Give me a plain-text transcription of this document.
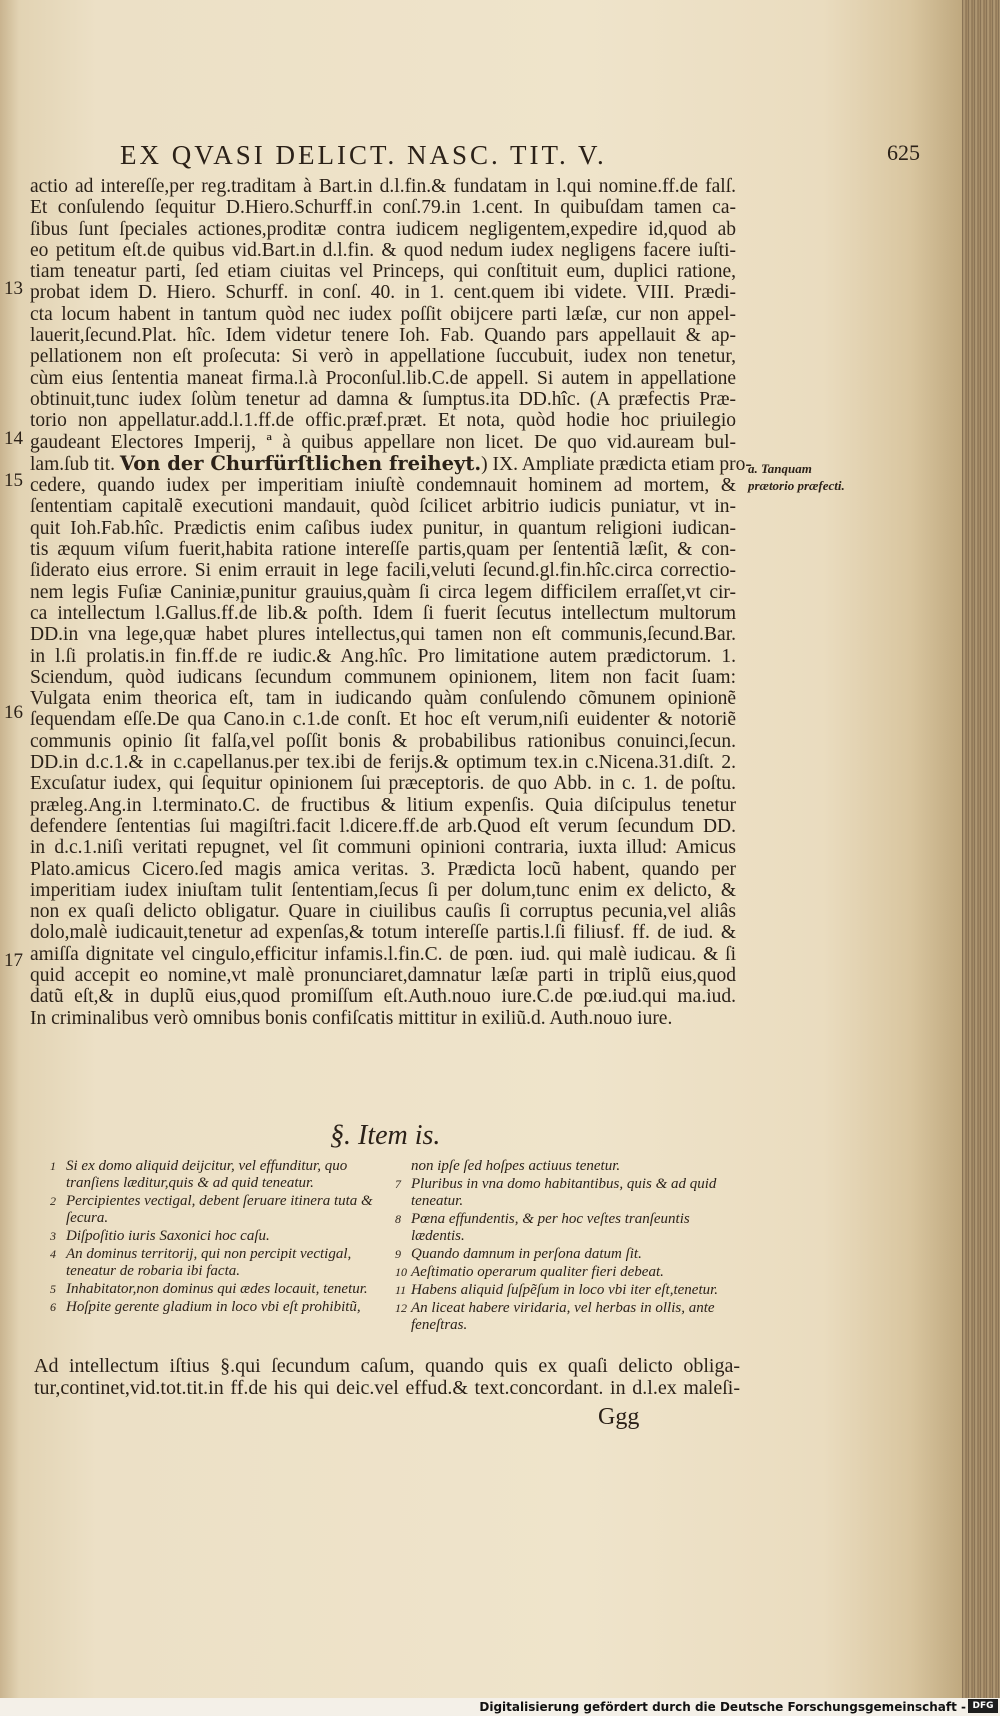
EX QVASI DELICT. NASC. TIT. V.	625
actio ad intereſſe,per reg.traditam à Bart.in d.l.fin.& fundatam in l.qui nomine.ff.de falſ.
Et conſulendo ſequitur D.Hiero.Schurff.in conſ.79.in 1.cent. In quibuſdam tamen ca-
ſibus ſunt ſpeciales actiones,proditæ contra iudicem negligentem,expedire id,quod ab
eo petitum eſt.de quibus vid.Bart.in d.l.fin. & quod nedum iudex negligens facere iuſti-
tiam teneatur parti, ſed etiam ciuitas vel Princeps, qui conſtituit eum, duplici ratione,
probat idem D. Hiero. Schurff. in conſ. 40. in 1. cent.quem ibi videte. VIII. Prædi-
cta locum habent in tantum quòd nec iudex poſſit obijcere parti læſæ, cur non appel-
lauerit,ſecund.Plat. hîc. Idem videtur tenere Ioh. Fab. Quando pars appellauit & ap-
pellationem non eſt proſecuta: Si verò in appellatione ſuccubuit, iudex non tenetur,
cùm eius ſententia maneat firma.l.à Proconſul.lib.C.de appell. Si autem in appellatione
obtinuit,tunc iudex ſolùm tenetur ad damna & ſumptus.ita DD.hîc. (A præfectis Præ-
torio non appellatur.add.l.1.ff.de offic.præf.præt. Et nota, quòd hodie hoc priuilegio
gaudeant Electores Imperij, ª à quibus appellare non licet. De quo vid.auream bul-
lam.ſub tit. Von der Churfürſtlichen freiheyt.) IX. Ampliate prædicta etiam pro-
cedere, quando iudex per imperitiam iniuſtè condemnauit hominem ad mortem, &
ſententiam capitalẽ executioni mandauit, quòd ſcilicet arbitrio iudicis puniatur, vt in-
quit Ioh.Fab.hîc. Prædictis enim caſibus iudex punitur, in quantum religioni iudican-
tis æquum viſum fuerit,habita ratione intereſſe partis,quam per ſententiã læſit, & con-
ſiderato eius errore. Si enim errauit in lege facili,veluti ſecund.gl.fin.hîc.circa correctio-
nem legis Fuſiæ Caniniæ,punitur grauius,quàm ſi circa legem difficilem erraſſet,vt cir-
ca intellectum l.Gallus.ff.de lib.& poſth. Idem ſi fuerit ſecutus intellectum multorum
DD.in vna lege,quæ habet plures intellectus,qui tamen non eſt communis,ſecund.Bar.
in l.ſi prolatis.in fin.ff.de re iudic.& Ang.hîc. Pro limitatione autem prædictorum. 1.
Sciendum, quòd iudicans ſecundum communem opinionem, litem non facit ſuam:
Vulgata enim theorica eſt, tam in iudicando quàm conſulendo cõmunem opinionẽ
ſequendam eſſe.De qua Cano.in c.1.de conſt. Et hoc eſt verum,niſi euidenter & notoriẽ
communis opinio ſit falſa,vel poſſit bonis & probabilibus rationibus conuinci,ſecun.
DD.in d.c.1.& in c.capellanus.per tex.ibi de ferijs.& optimum tex.in c.Nicena.31.diſt. 2.
Excuſatur iudex, qui ſequitur opinionem ſui præceptoris. de quo Abb. in c. 1. de poſtu.
præleg.Ang.in l.terminato.C. de fructibus & litium expenſis. Quia diſcipulus tenetur
defendere ſententias ſui magiſtri.facit l.dicere.ff.de arb.Quod eſt verum ſecundum DD.
in d.c.1.niſi veritati repugnet, vel ſit communi opinioni contraria, iuxta illud: Amicus
Plato.amicus Cicero.ſed magis amica veritas. 3. Prædicta locũ habent, quando per
imperitiam iudex iniuſtam tulit ſententiam,ſecus ſi per dolum,tunc enim ex delicto, &
non ex quaſi delicto obligatur. Quare in ciuilibus cauſis ſi corruptus pecunia,vel aliâs
dolo,malè iudicauit,tenetur ad expenſas,& totum intereſſe partis.l.ſi filiusf. ff. de iud. &
amiſſa dignitate vel cingulo,efficitur infamis.l.fin.C. de pœn. iud. qui malè iudicau. & ſi
quid accepit eo nomine,vt malè pronunciaret,damnatur læſæ parti in triplũ eius,quod
datũ eſt,& in duplũ eius,quod promiſſum eſt.Auth.nouo iure.C.de pœ.iud.qui ma.iud.
In criminalibus verò omnibus bonis confiſcatis mittitur in exiliũ.d. Auth.nouo iure.
13
14
15
16
17
a. Tanquam prætorio præfecti.
§. Item is.
1 Si ex domo aliquid deijcitur, vel effunditur, quo tranſiens læditur,quis & ad quid teneatur.
2 Percipientes vectigal, debent ſeruare itinera tuta & ſecura.
3 Diſpoſitio iuris Saxonici hoc caſu.
4 An dominus territorij, qui non percipit vectigal, teneatur de robaria ibi facta.
5 Inhabitator,non dominus qui ædes locauit, tenetur.
6 Hoſpite gerente gladium in loco vbi eſt prohibitũ,
non ipſe ſed hoſpes actiuus tenetur.
7 Pluribus in vna domo habitantibus, quis & ad quid teneatur.
8 Pœna effundentis, & per hoc veſtes tranſeuntis lædentis.
9 Quando damnum in perſona datum ſit.
10 Aeſtimatio operarum qualiter fieri debeat.
11 Habens aliquid ſuſpẽſum in loco vbi iter eſt,tenetur.
12 An liceat habere viridaria, vel herbas in ollis, ante feneſtras.
Ad intellectum iſtius §.qui ſecundum caſum, quando quis ex quaſi delicto obliga-
tur,continet,vid.tot.tit.in ff.de his qui deic.vel effud.& text.concordant. in d.l.ex maleſi-
Ggg
Digitalisierung gefördert durch die Deutsche Forschungsgemeinschaft - DFG
